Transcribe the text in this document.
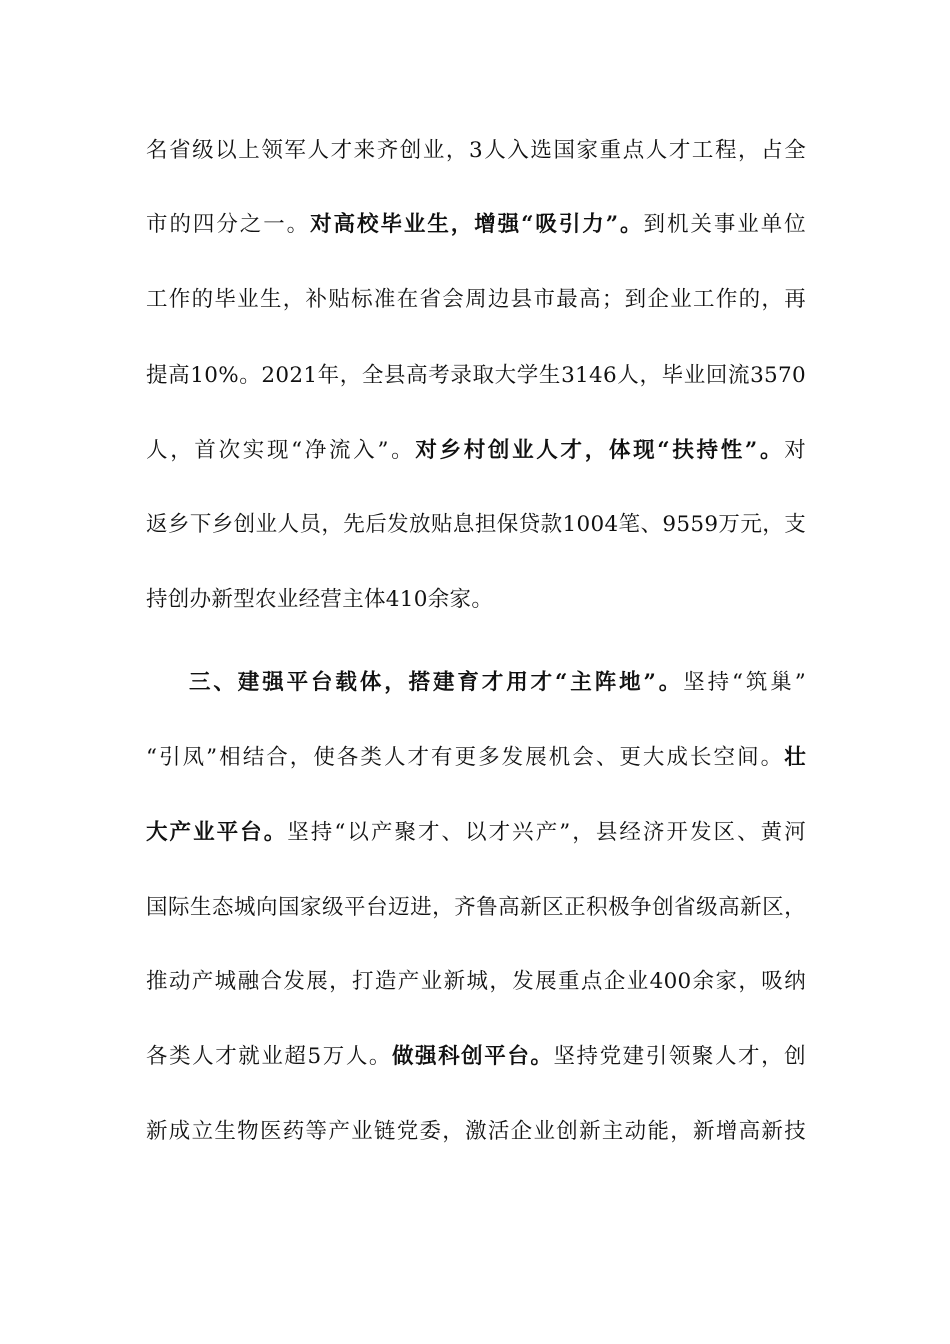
名省级以上领军人才来齐创业，3人入选国家重点人才工程，占全
市的四分之一。对高校毕业生，增强“吸引力”。到机关事业单位
工作的毕业生，补贴标准在省会周边县市最高；到企业工作的，再
提高10%。2021年，全县高考录取大学生3146人，毕业回流3570
人，首次实现“净流入”。对乡村创业人才，体现“扶持性”。对
返乡下乡创业人员，先后发放贴息担保贷款1004笔、9559万元，支
持创办新型农业经营主体410余家。
三、建强平台载体，搭建育才用才“主阵地”。坚持“筑巢”
“引凤”相结合，使各类人才有更多发展机会、更大成长空间。壮
大产业平台。坚持“以产聚才、以才兴产”，县经济开发区、黄河
国际生态城向国家级平台迈进，齐鲁高新区正积极争创省级高新区，
推动产城融合发展，打造产业新城，发展重点企业400余家，吸纳
各类人才就业超5万人。做强科创平台。坚持党建引领聚人才，创
新成立生物医药等产业链党委，激活企业创新主动能，新增高新技
